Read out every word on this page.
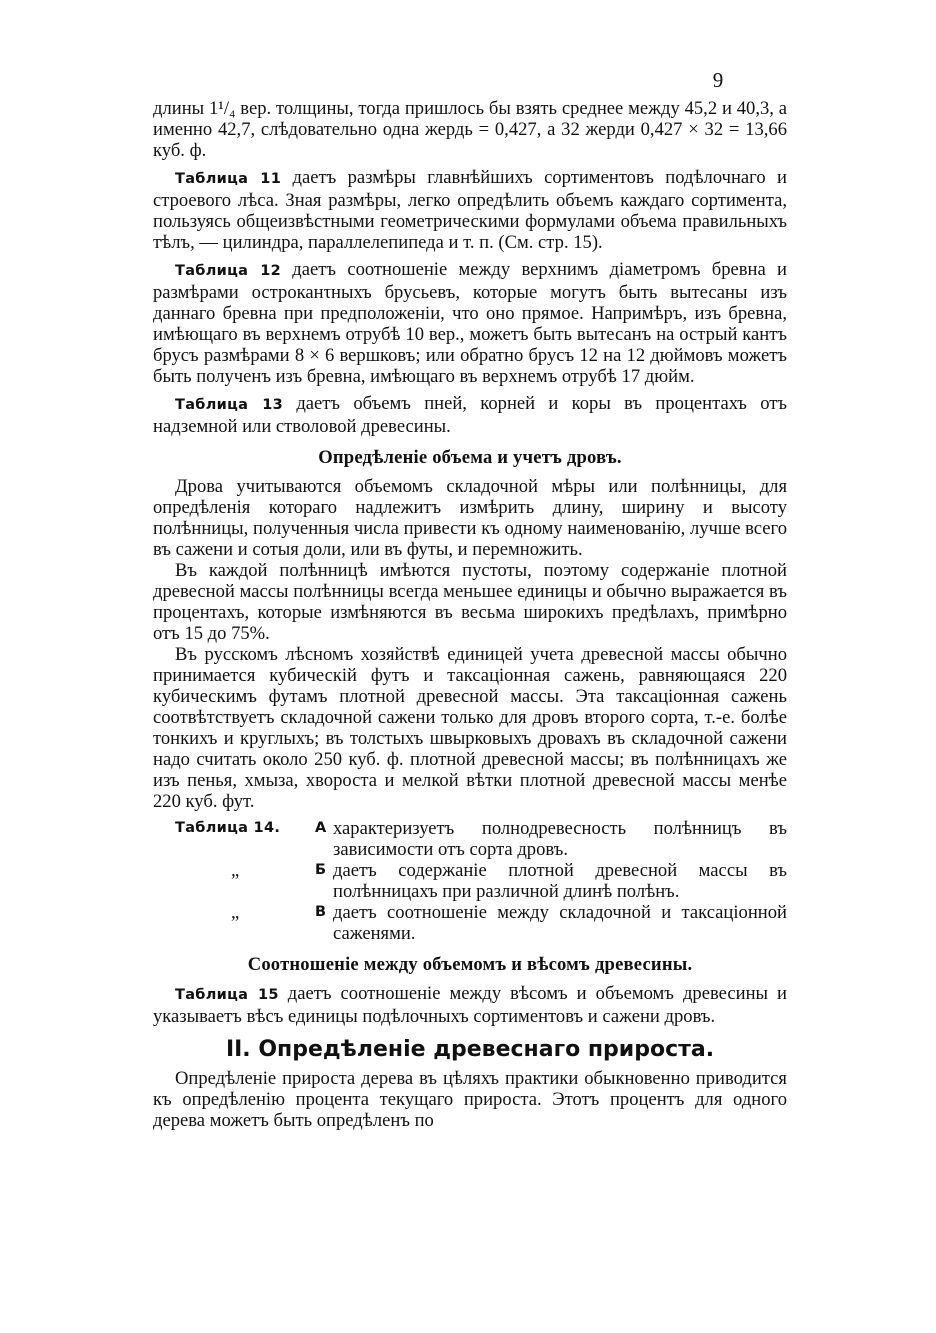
9

длины 1¹/₄ вер. толщины, тогда пришлось бы взять среднее между 45,2 и 40,3, а именно 42,7, слѣдовательно одна жердь = 0,427, а 32 жерди 0,427 × 32 = 13,66 куб. ф.

Таблица 11 даетъ размѣры главнѣйшихъ сортиментовъ подѣлочнаго и строевого лѣса. Зная размѣры, легко опредѣлить объемъ каждаго сортимента, пользуясь общеизвѣстными геометрическими формулами объема правильныхъ тѣлъ, — цилиндра, параллелепипеда и т. п. (См. стр. 15).

Таблица 12 даетъ соотношеніе между верхнимъ діаметромъ бревна и размѣрами остроканτныхъ брусьевъ, которые могутъ быть вытесаны изъ даннаго бревна при предположеніи, что оно прямое. Напримѣръ, изъ бревна, имѣющаго въ верхнемъ отрубѣ 10 вер., можетъ быть вытесанъ на острый кантъ брусъ размѣрами 8 × 6 вершковъ; или обратно брусъ 12 на 12 дюймовъ можетъ быть полученъ изъ бревна, имѣющаго въ верхнемъ отрубѣ 17 дюйм.

Таблица 13 даетъ объемъ пней, корней и коры въ процентахъ отъ надземной или стволовой древесины.

Опредѣленіе объема и учетъ дровъ.

Дрова учитываются объемомъ складочной мѣры или полѣнницы, для опредѣленія котораго надлежитъ измѣрить длину, ширину и высоту полѣнницы, полученныя числа привести къ одному наименованію, лучше всего въ сажени и сотыя доли, или въ футы, и перемножить.

Въ каждой полѣнницѣ имѣются пустоты, поэтому содержаніе плотной древесной массы полѣнницы всегда меньшее единицы и обычно выражается въ процентахъ, которые измѣняются въ весьма широкихъ предѣлахъ, примѣрно отъ 15 до 75%.

Въ русскомъ лѣсномъ хозяйствѣ единицей учета древесной массы обычно принимается кубическій футъ и таксаціонная сажень, равняющаяся 220 кубическимъ футамъ плотной древесной массы. Эта таксаціонная сажень соотвѣтствуетъ складочной сажени только для дровъ второго сорта, т.-е. болѣе тонкихъ и круглыхъ; въ толстыхъ швырковыхъ дровахъ въ складочной сажени надо считать около 250 куб. ф. плотной древесной массы; въ полѣнницахъ же изъ пенья, хмыза, хвороста и мелкой вѣтки плотной древесной массы менѣе 220 куб. фут.

Таблица 14.	А характеризуетъ полнодревесность полѣнницъ въ зависимости отъ сорта дровъ.
„	Б даетъ содержаніе плотной древесной массы въ полѣнницахъ при различной длинѣ полѣнъ.
„	В даетъ соотношеніе между складочной и таксаціонной саженями.
Соотношеніе между объемомъ и вѣсомъ древесины.

Таблица 15 даетъ соотношеніе между вѣсомъ и объемомъ древесины и указываетъ вѣсъ единицы подѣлочныхъ сортиментовъ и сажени дровъ.

II. Опредѣленіе древеснаго прироста.

Опредѣленіе прироста дерева въ цѣляхъ практики обыкновенно приводится къ опредѣленію процента текущаго прироста. Этотъ процентъ для одного дерева можетъ быть опредѣленъ по
